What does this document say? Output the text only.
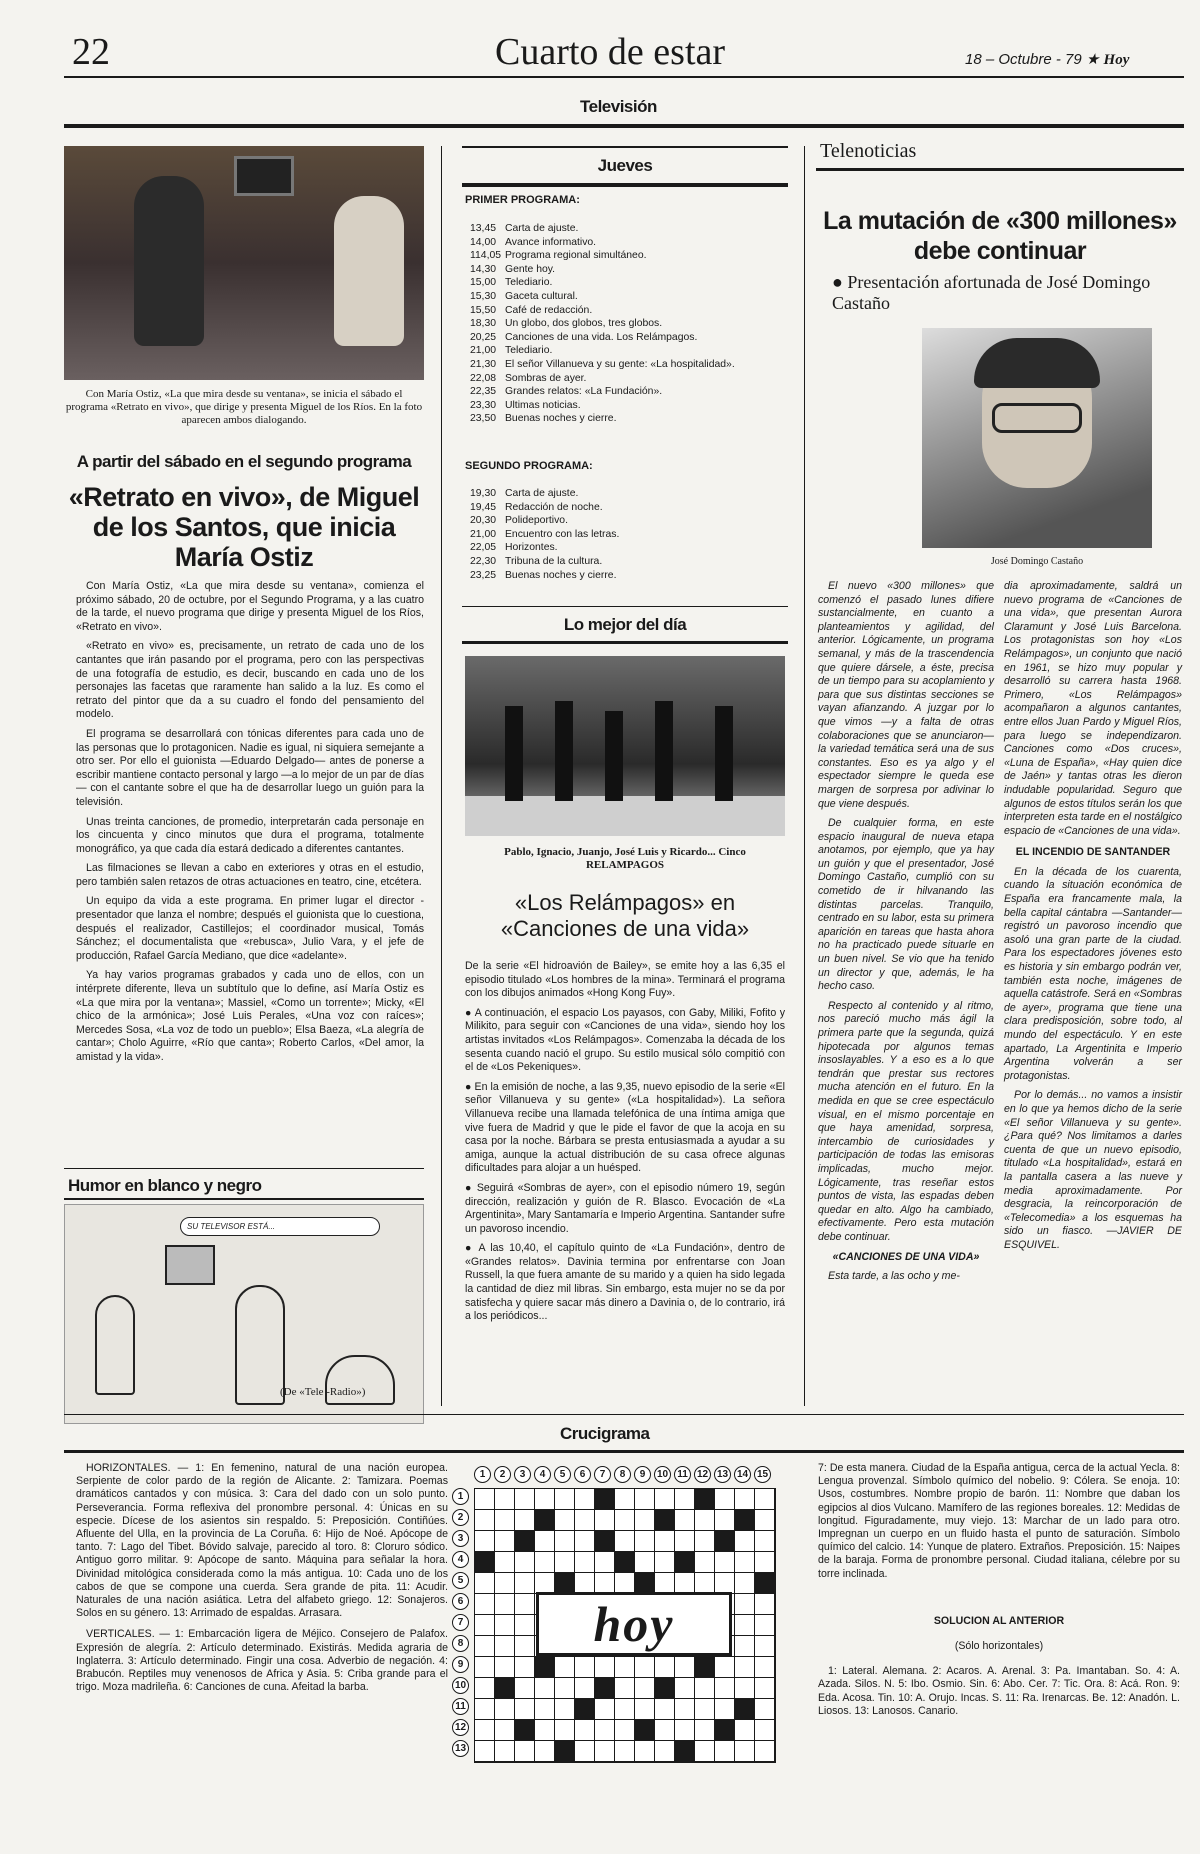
22	Cuarto de estar	18 – Octubre - 79 ★ Hoy
Televisión
Con María Ostiz, «La que mira desde su ventana», se inicia el sábado el programa «Retrato en vivo», que dirige y presenta Miguel de los Ríos. En la foto aparecen ambos dialogando.
A partir del sábado en el segundo programa
«Retrato en vivo», de Miguel de los Santos, que inicia María Ostiz

Con María Ostiz, «La que mira desde su ventana», comienza el próximo sábado, 20 de octubre, por el Segundo Programa, y a las cuatro de la tarde, el nuevo programa que dirige y presenta Miguel de los Ríos, «Retrato en vivo».

«Retrato en vivo» es, precisamente, un retrato de cada uno de los cantantes que irán pasando por el programa, pero con las perspectivas de una fotografía de estudio, es decir, buscando en cada uno de los personajes las facetas que raramente han salido a la luz. Es como el retrato del pintor que da a su cuadro el fondo del pensamiento del modelo.

El programa se desarrollará con tónicas diferentes para cada uno de las personas que lo protagonicen. Nadie es igual, ni siquiera semejante a otro ser. Por ello el guionista —Eduardo Delgado— antes de ponerse a escribir mantiene contacto personal y largo —a lo mejor de un par de días— con el cantante sobre el que ha de desarrollar luego un guión para la televisión.

Unas treinta canciones, de promedio, interpretarán cada personaje en los cincuenta y cinco minutos que dura el programa, totalmente monográfico, ya que cada día estará dedicado a diferentes cantantes.

Las filmaciones se llevan a cabo en exteriores y otras en el estudio, pero también salen retazos de otras actuaciones en teatro, cine, etcétera.

Un equipo da vida a este programa. En primer lugar el director - presentador que lanza el nombre; después el guionista que lo cuestiona, después el realizador, Castillejos; el coordinador musical, Tomás Sánchez; el documentalista que «rebusca», Julio Vara, y el jefe de producción, Rafael García Mediano, que dice «adelante».

Ya hay varios programas grabados y cada uno de ellos, con un intérprete diferente, lleva un subtítulo que lo define, así María Ostiz es «La que mira por la ventana»; Massiel, «Como un torrente»; Micky, «El chico de la armónica»; José Luis Perales, «Una voz con raíces»; Mercedes Sosa, «La voz de todo un pueblo»; Elsa Baeza, «La alegría de cantar»; Cholo Aguirre, «Río que canta»; Roberto Carlos, «Del amor, la amistad y la vida».

Humor en blanco y negro
SU TELEVISOR ESTÁ...
(De «Tele -Radio»)
Jueves
PRIMER PROGRAMA:
13,45 Carta de ajuste.
14,00 Avance informativo.
114,05 Programa regional simultáneo.
14,30 Gente hoy.
15,00 Telediario.
15,30 Gaceta cultural.
15,50 Café de redacción.
18,30 Un globo, dos globos, tres globos.
20,25 Canciones de una vida. Los Relámpagos.
21,00 Telediario.
21,30 El señor Villanueva y su gente: «La hospitalidad».
22,08 Sombras de ayer.
22,35 Grandes relatos: «La Fundación».
23,30 Ultimas noticias.
23,50 Buenas noches y cierre.
SEGUNDO PROGRAMA:
19,30 Carta de ajuste.
19,45 Redacción de noche.
20,30 Polideportivo.
21,00 Encuentro con las letras.
22,05 Horizontes.
22,30 Tribuna de la cultura.
23,25 Buenas noches y cierre.
Lo mejor del día
Pablo, Ignacio, Juanjo, José Luis y Ricardo... Cinco RELAMPAGOS
«Los Relámpagos» en «Canciones de una vida»

De la serie «El hidroavión de Bailey», se emite hoy a las 6,35 el episodio titulado «Los hombres de la mina». Terminará el programa con los dibujos animados «Hong Kong Fuy».

● A continuación, el espacio Los payasos, con Gaby, Miliki, Fofito y Milikito, para seguir con «Canciones de una vida», siendo hoy los artistas invitados «Los Relámpagos». Comenzaba la década de los sesenta cuando nació el grupo. Su estilo musical sólo compitió con el de «Los Pekeniques».

● En la emisión de noche, a las 9,35, nuevo episodio de la serie «El señor Villanueva y su gente» («La hospitalidad»). La señora Villanueva recibe una llamada telefónica de una íntima amiga que vive fuera de Madrid y que le pide el favor de que la acoja en su casa por la noche. Bárbara se presta entusiasmada a ayudar a su amiga, aunque la actual distribución de su casa ofrece algunas dificultades para alojar a un huésped.

● Seguirá «Sombras de ayer», con el episodio número 19, según dirección, realización y guión de R. Blasco. Evocación de «La Argentinita», Mary Santamaría e Imperio Argentina. Santander sufre un pavoroso incendio.

● A las 10,40, el capítulo quinto de «La Fundación», dentro de «Grandes relatos». Davinia termina por enfrentarse con Joan Russell, la que fuera amante de su marido y a quien ha sido legada la cantidad de diez mil libras. Sin embargo, esta mujer no se da por satisfecha y quiere sacar más dinero a Davinia o, de lo contrario, irá a los periódicos...

Telenoticias
La mutación de «300 millones» debe continuar
● Presentación afortunada de José Domingo Castaño
José Domingo Castaño

El nuevo «300 millones» que comenzó el pasado lunes difiere sustancialmente, en cuanto a planteamientos y agilidad, del anterior. Lógicamente, un programa semanal, y más de la trascendencia que quiere dársele, a éste, precisa de un tiempo para su acoplamiento y para que sus distintas secciones se vayan afianzando. A juzgar por lo que vimos —y a falta de otras colaboraciones que se anunciaron— la variedad temática será una de sus constantes. Eso es ya algo y el espectador siempre le queda ese margen de sorpresa por adivinar lo que viene después.

De cualquier forma, en este espacio inaugural de nueva etapa anotamos, por ejemplo, que ya hay un guión y que el presentador, José Domingo Castaño, cumplió con su cometido de ir hilvanando las distintas parcelas. Tranquilo, centrado en su labor, esta su primera aparición en tareas que hasta ahora no ha practicado puede situarle en un buen nivel. Se vio que ha tenido un director y que, además, le ha hecho caso.

Respecto al contenido y al ritmo, nos pareció mucho más ágil la primera parte que la segunda, quizá hipotecada por algunos temas insoslayables. Y a eso es a lo que tendrán que prestar sus rectores mucha atención en el futuro. En la medida en que se cree espectáculo visual, en el mismo porcentaje en que haya amenidad, sorpresa, intercambio de curiosidades y participación de todas las emisoras implicadas, mucho mejor. Lógicamente, tras reseñar estos puntos de vista, las espadas deben quedar en alto. Algo ha cambiado, efectivamente. Pero esta mutación debe continuar.

«CANCIONES DE UNA VIDA»

Esta tarde, a las ocho y me-

dia aproximadamente, saldrá un nuevo programa de «Canciones de una vida», que presentan Aurora Claramunt y José Luis Barcelona. Los protagonistas son hoy «Los Relámpagos», un conjunto que nació en 1961, se hizo muy popular y desarrolló su carrera hasta 1968. Primero, «Los Relámpagos» acompañaron a algunos cantantes, entre ellos Juan Pardo y Miguel Ríos, para luego se independizaron. Canciones como «Dos cruces», «Luna de España», «Hay quien dice de Jaén» y tantas otras les dieron indudable popularidad. Seguro que algunos de estos títulos serán los que interpreten esta tarde en el nostálgico espacio de «Canciones de una vida».

EL INCENDIO DE SANTANDER

En la década de los cuarenta, cuando la situación económica de España era francamente mala, la bella capital cántabra —Santander— registró un pavoroso incendio que asoló una gran parte de la ciudad. Para los espectadores jóvenes esto es historia y sin embargo podrán ver, también esta noche, imágenes de aquella catástrofe. Será en «Sombras de ayer», programa que tiene una clara predisposición, sobre todo, al mundo del espectáculo. Y en este apartado, La Argentinita e Imperio Argentina volverán a ser protagonistas.

Por lo demás... no vamos a insistir en lo que ya hemos dicho de la serie «El señor Villanueva y su gente». ¿Para qué? Nos limitamos a darles cuenta de que un nuevo episodio, titulado «La hospitalidad», estará en la pantalla casera a las nueve y media aproximadamente. Por desgracia, la reincorporación de «Telecomedia» a los esquemas ha sido un fiasco. —JAVIER DE ESQUIVEL.

Crucigrama

HORIZONTALES. — 1: En femenino, natural de una nación europea. Serpiente de color pardo de la región de Alicante. 2: Tamizara. Poemas dramáticos cantados y con música. 3: Cara del dado con un solo punto. Perseverancia. Forma reflexiva del pronombre personal. 4: Únicas en su especie. Dícese de los asientos sin respaldo. 5: Preposición. Contiñúes. Afluente del Ulla, en la provincia de La Coruña. 6: Hijo de Noé. Apócope de tanto. 7: Lago del Tibet. Bóvido salvaje, parecido al toro. 8: Cloruro sódico. Antiguo gorro militar. 9: Apócope de santo. Máquina para señalar la hora. Divinidad mitológica considerada como la más antigua. 10: Cada uno de los cabos de que se compone una cuerda. Sera grande de pita. 11: Acudir. Naturales de una nación asiática. Letra del alfabeto griego. 12: Sonajeros. Solos en su género. 13: Arrimado de espaldas. Arrasara.

VERTICALES. — 1: Embarcación ligera de Méjico. Consejero de Palafox. Expresión de alegría. 2: Artículo determinado. Existirás. Medida agraria de Inglaterra. 3: Artículo determinado. Fingir una cosa. Adverbio de negación. 4: Brabucón. Reptiles muy venenosos de Africa y Asia. 5: Criba grande para el trigo. Moza madrileña. 6: Canciones de cuna. Afeitad la barba.

1	2	3	4	5	6	7	8	9	10 11 12 13 14 15
1
2
3
4
5
6
7
8
9
10
11
12
13
hoy

7: De esta manera. Ciudad de la España antigua, cerca de la actual Yecla. 8: Lengua provenzal. Símbolo químico del nobelio. 9: Cólera. Se enoja. 10: Usos, costumbres. Nombre propio de barón. 11: Nombre que daban los egipcios al dios Vulcano. Mamífero de las regiones boreales. 12: Medidas de longitud. Figuradamente, muy viejo. 13: Marchar de un lado para otro. Impregnan un cuerpo en un fluido hasta el punto de saturación. Símbolo químico del calcio. 14: Yunque de platero. Extraños. Preposición. 15: Naipes de la baraja. Forma de pronombre personal. Ciudad italiana, célebre por su torre inclinada.

SOLUCION AL ANTERIOR

(Sólo horizontales)

1: Lateral. Alemana. 2: Acaros. A. Arenal. 3: Pa. Imantaban. So. 4: A. Azada. Silos. N. 5: Ibo. Osmio. Sin. 6: Abo. Cer. 7: Tic. Ora. 8: Acá. Ron. 9: Eda. Acosa. Tin. 10: A. Orujo. Incas. S. 11: Ra. Irenarcas. Be. 12: Anadón. L. Liosos. 13: Lanosos. Canario.
